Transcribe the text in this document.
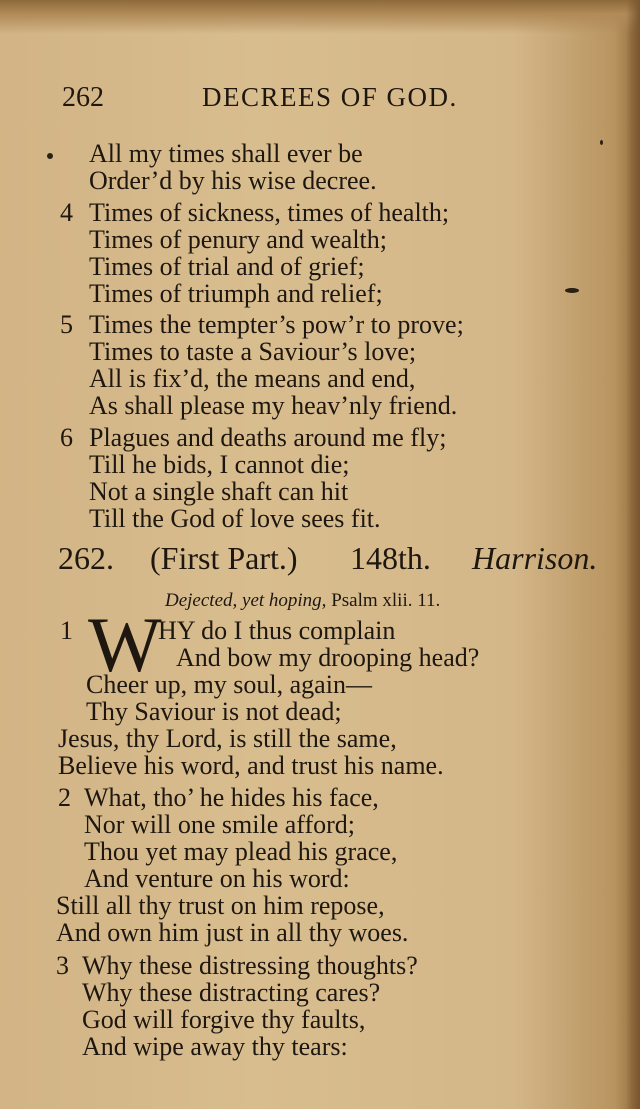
262	DECREES OF GOD.
All my times shall ever be
Order’d by his wise decree.
4 Times of sickness, times of health;
Times of penury and wealth;
Times of trial and of grief;
Times of triumph and relief;
5 Times the tempter’s pow’r to prove;
Times to taste a Saviour’s love;
All is fix’d, the means and end,
As shall please my heav’nly friend.
6 Plagues and deaths around me fly;
Till he bids, I cannot die;
Not a single shaft can hit
Till the God of love sees fit.
262. (First Part.) 148th. Harrison.
Dejected, yet hoping, Psalm xlii. 11.
1 W
HY do I thus complain
And bow my drooping head?
Cheer up, my soul, again—
Thy Saviour is not dead;
Jesus, thy Lord, is still the same,
Believe his word, and trust his name.
2 What, tho’ he hides his face,
Nor will one smile afford;
Thou yet may plead his grace,
And venture on his word:
Still all thy trust on him repose,
And own him just in all thy woes.
3 Why these distressing thoughts?
Why these distracting cares?
God will forgive thy faults,
And wipe away thy tears:
